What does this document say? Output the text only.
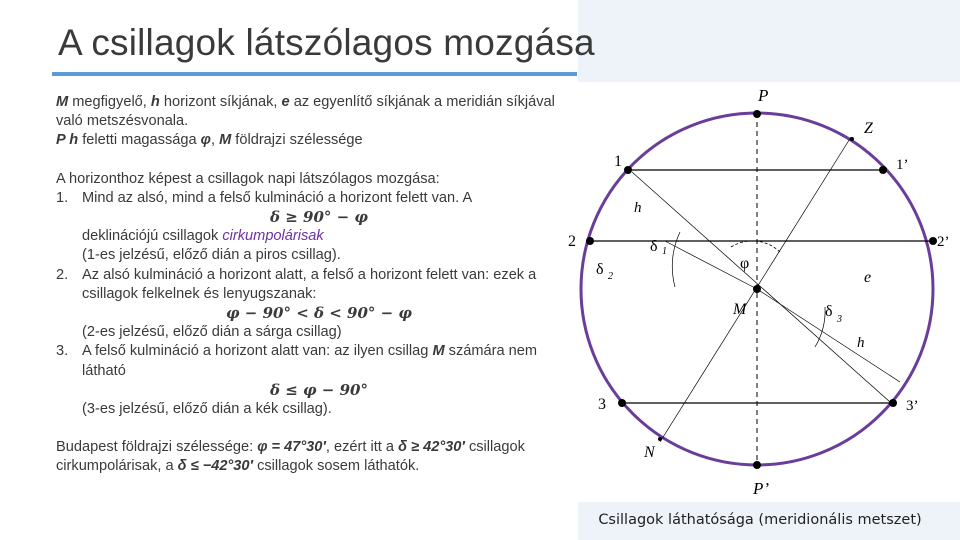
A csillagok látszólagos mozgása

M megfigyelő, h horizont síkjának, e az egyenlítő síkjának a meridián síkjával való metszésvonala.

P h feletti magassága φ, M földrajzi szélessége

A horizonthoz képest a csillagok napi látszólagos mozgása:

1. Mind az alsó, mind a felső kulmináció a horizont felett van. A
δ ≥ 90° − φ
deklinációjú csillagok cirkumpolárisak
(1-es jelzésű, előző dián a piros csillag).
2. Az alsó kulmináció a horizont alatt, a felső a horizont felett van: ezek a csillagok felkelnek és lenyugszanak:
φ − 90° < δ < 90° − φ
(2-es jelzésű, előző dián a sárga csillag)
3. A felső kulmináció a horizont alatt van: az ilyen csillag M számára nem látható
δ ≤ φ − 90°
(3-es jelzésű, előző dián a kék csillag).

Budapest földrajzi szélessége: φ = 47°30′, ezért itt a δ ≥ 42°30′ csillagok cirkumpolárisak, a δ ≤ −42°30′ csillagok sosem láthatók.

P
P’
Z
N
M
e
h
h
φ
δ 1
δ 2
δ 3
1	1’
2	2’
3	3’
Csillagok láthatósága (meridionális metszet)
